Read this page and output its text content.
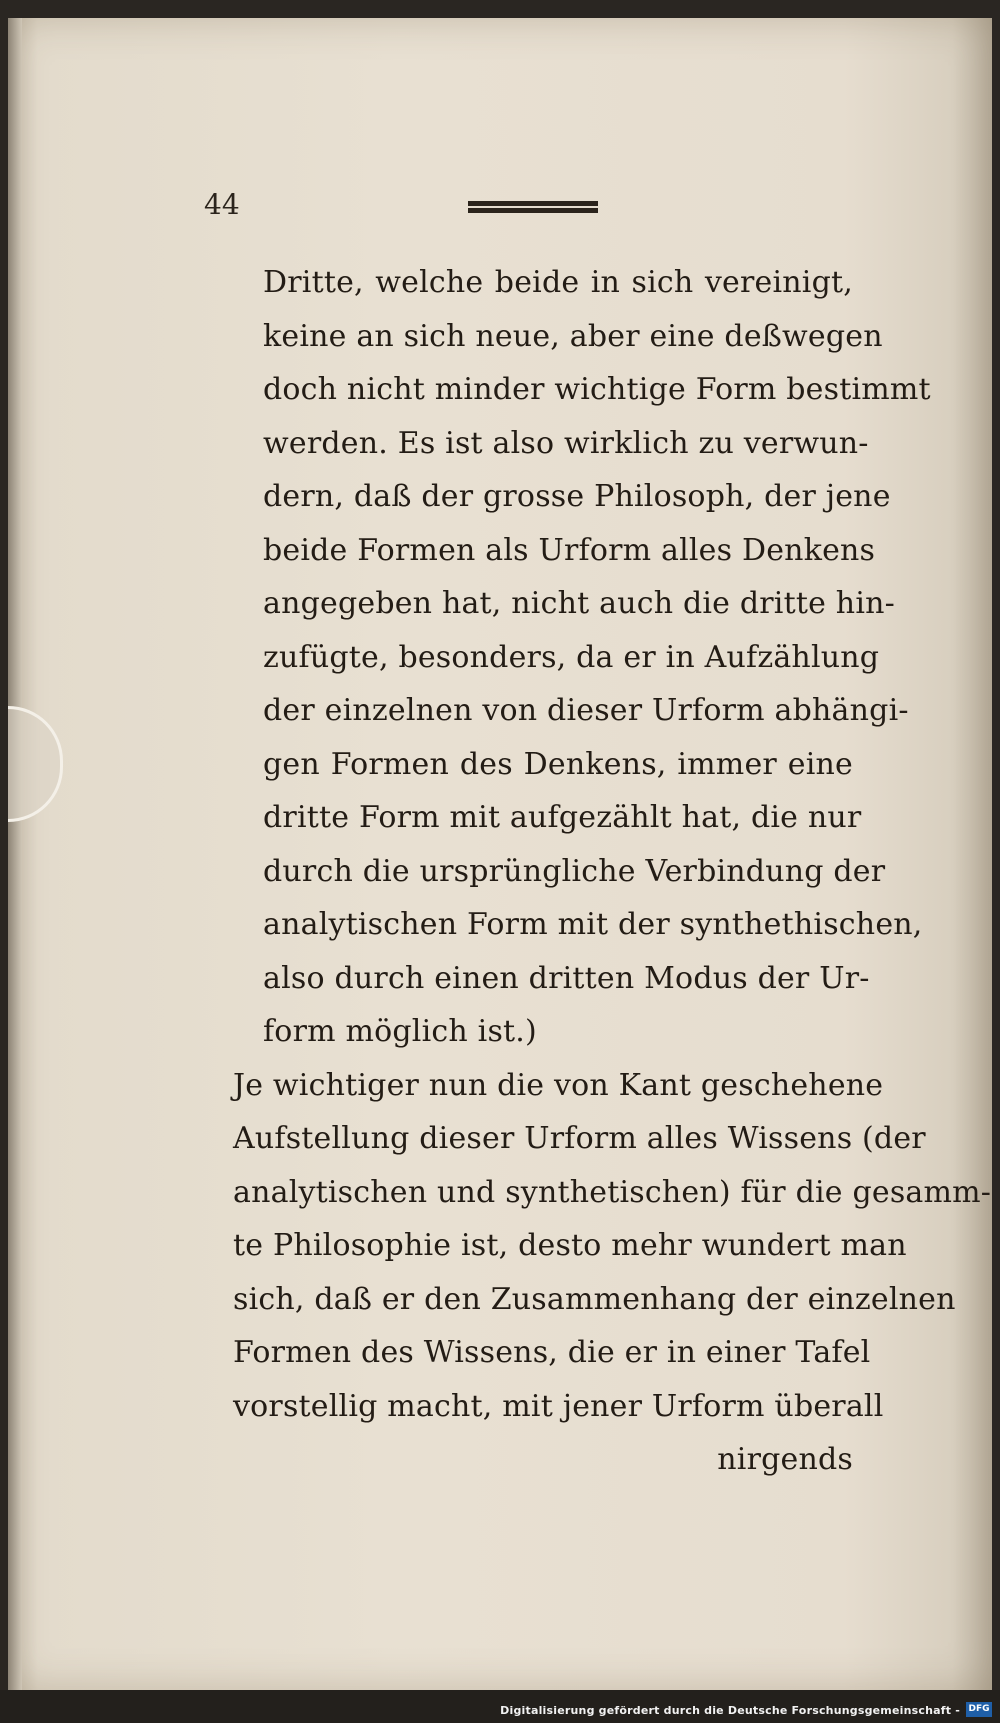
44
Dritte, welche beide in sich vereinigt,
keine an sich neue, aber eine deßwegen
doch nicht minder wichtige Form bestimmt
werden. Es ist also wirklich zu verwun-
dern, daß der grosse Philosoph, der jene
beide Formen als Urform alles Denkens
angegeben hat, nicht auch die dritte hin-
zufügte, besonders, da er in Aufzählung
der einzelnen von dieser Urform abhängi-
gen Formen des Denkens, immer eine
dritte Form mit aufgezählt hat, die nur
durch die ursprüngliche Verbindung der
analytischen Form mit der synthethischen,
also durch einen dritten Modus der Ur-
form möglich ist.)
Je wichtiger nun die von Kant geschehene
Aufstellung dieser Urform alles Wissens (der
analytischen und synthetischen) für die gesamm-
te Philosophie ist, desto mehr wundert man
sich, daß er den Zusammenhang der einzelnen
Formen des Wissens, die er in einer Tafel
vorstellig macht, mit jener Urform überall
nirgends
Digitalisierung gefördert durch die Deutsche Forschungsgemeinschaft - DFG
